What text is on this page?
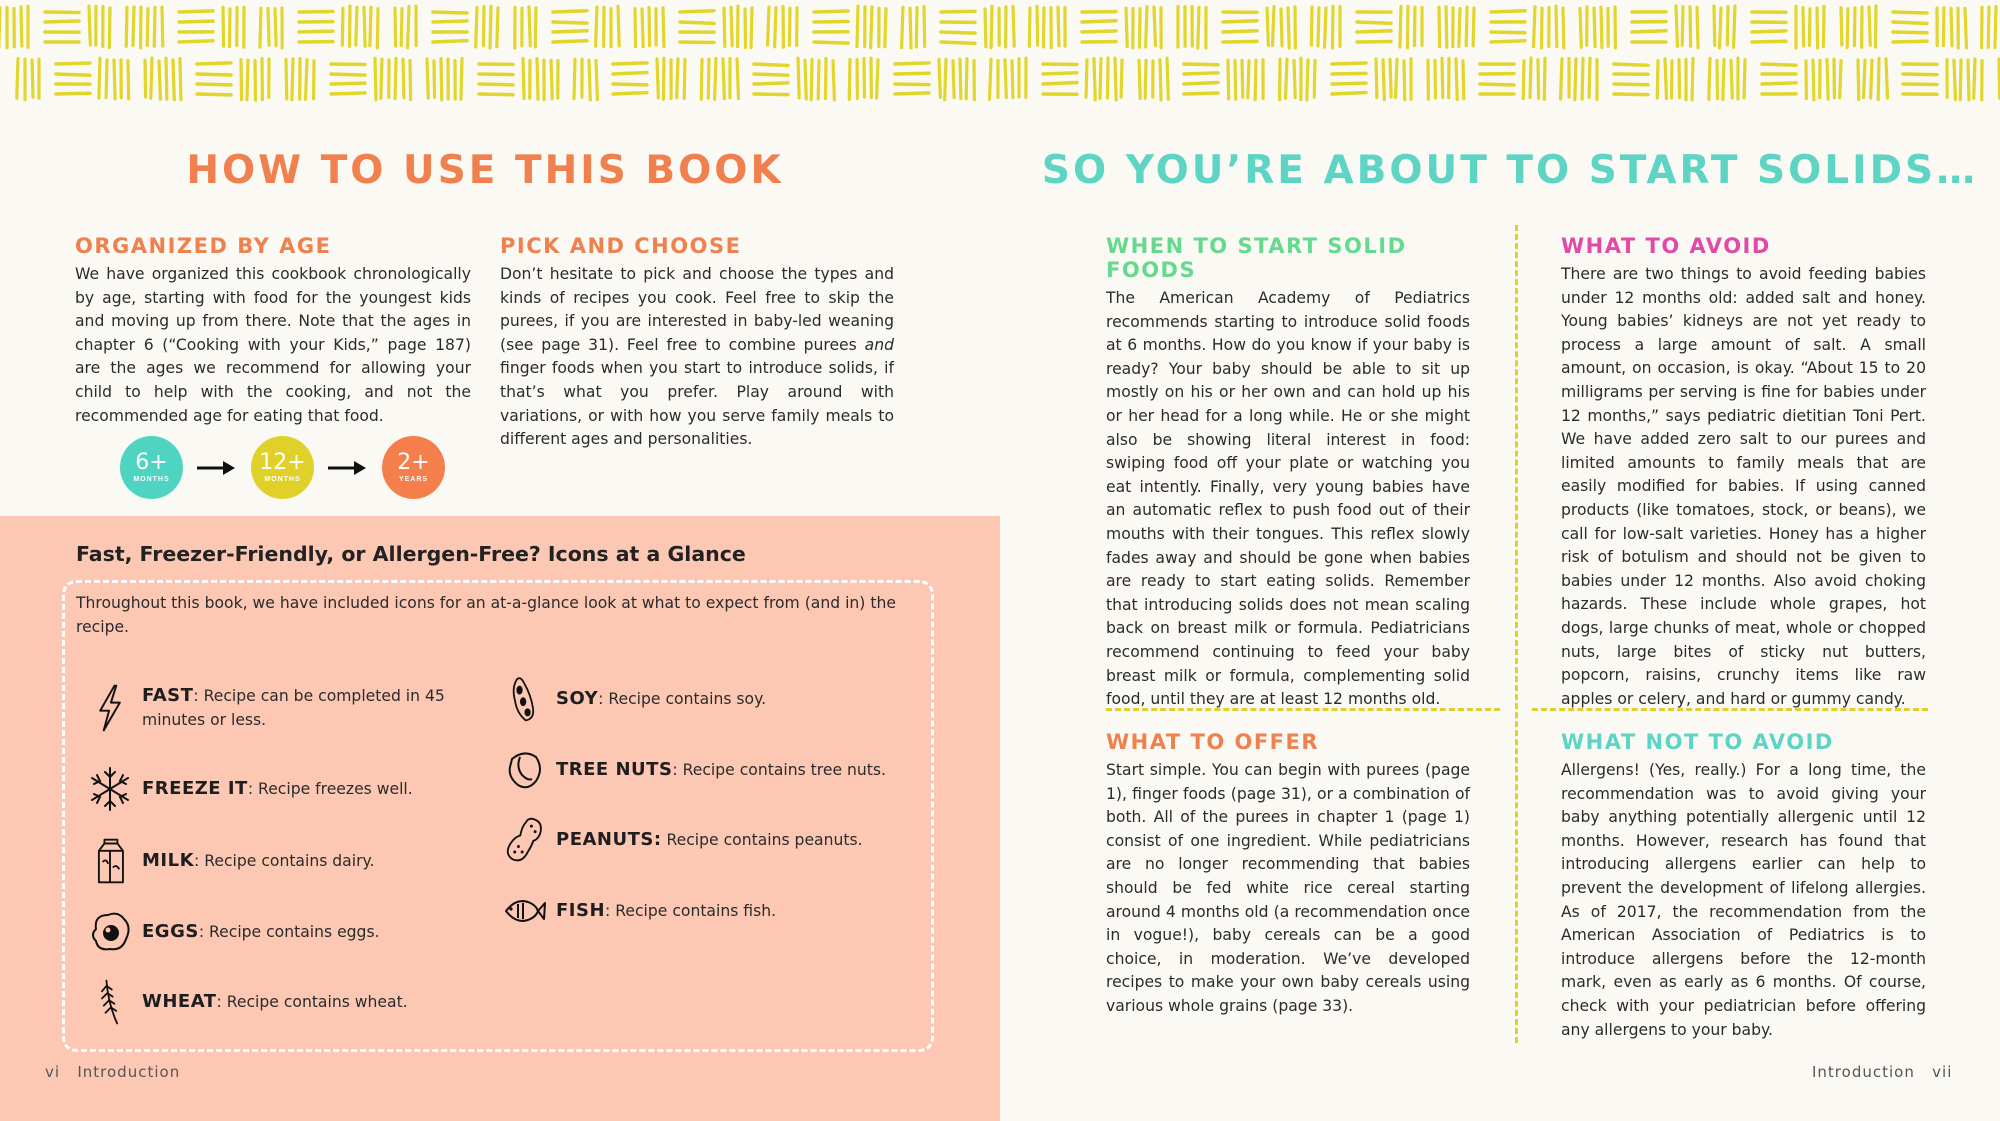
HOW TO USE THIS BOOK
ORGANIZED BY AGE

We have organized this cookbook chronologically by age, starting with food for the youngest kids and moving up from there. Note that the ages in chapter 6 (“Cooking with your Kids,” page 187) are the ages we recommend for allowing your child to help with the cooking, and not the recommended age for eating that food.

PICK AND CHOOSE

Don’t hesitate to pick and choose the types and kinds of recipes you cook. Feel free to skip the purees, if you are interested in baby-led weaning (see page 31). Feel free to combine purees and finger foods when you start to introduce solids, if that’s what you prefer. Play around with variations, or with how you serve family meals to different ages and personalities.

6+
MONTHS
12+
MONTHS
2+
YEARS
Fast, Freezer-Friendly, or Allergen-Free? Icons at a Glance

Throughout this book, we have included icons for an at-a-glance look at what to expect from (and in) the recipe.

FAST: Recipe can be completed in 45 minutes or less.
FREEZE IT: Recipe freezes well.
MILK: Recipe contains dairy.
EGGS: Recipe contains eggs.
WHEAT: Recipe contains wheat.
SOY: Recipe contains soy.
TREE NUTS: Recipe contains tree nuts.
PEANUTS: Recipe contains peanuts.
FISH: Recipe contains fish.
vi Introduction
SO YOU’RE ABOUT TO START SOLIDS…
WHEN TO START SOLID FOODS

The American Academy of Pediatrics recommends starting to introduce solid foods at 6 months. How do you know if your baby is ready? Your baby should be able to sit up mostly on his or her own and can hold up his or her head for a long while. He or she might also be showing literal interest in food: swiping food off your plate or watching you eat intently. Finally, very young babies have an automatic reflex to push food out of their mouths with their tongues. This reflex slowly fades away and should be gone when babies are ready to start eating solids. Remember that introducing solids does not mean scaling back on breast milk or formula. Pediatricians recommend continuing to feed your baby breast milk or formula, complementing solid food, until they are at least 12 months old.

WHAT TO AVOID

There are two things to avoid feeding babies under 12 months old: added salt and honey. Young babies’ kidneys are not yet ready to process a large amount of salt. A small amount, on occasion, is okay. “About 15 to 20 milligrams per serving is fine for babies under 12 months,” says pediatric dietitian Toni Pert. We have added zero salt to our purees and limited amounts to family meals that are easily modified for babies. If using canned products (like tomatoes, stock, or beans), we call for low-salt varieties. Honey has a higher risk of botulism and should not be given to babies under 12 months. Also avoid choking hazards. These include whole grapes, hot dogs, large chunks of meat, whole or chopped nuts, large bites of sticky nut butters, popcorn, raisins, crunchy items like raw apples or celery, and hard or gummy candy.

WHAT TO OFFER

Start simple. You can begin with purees (page 1), finger foods (page 31), or a combination of both. All of the purees in chapter 1 (page 1) consist of one ingredient. While pediatricians are no longer recommending that babies should be fed white rice cereal starting around 4 months old (a recommendation once in vogue!), baby cereals can be a good choice, in moderation. We’ve developed recipes to make your own baby cereals using various whole grains (page 33).

WHAT NOT TO AVOID

Allergens! (Yes, really.) For a long time, the recommendation was to avoid giving your baby anything potentially allergenic until 12 months. However, research has found that introducing allergens earlier can help to prevent the development of lifelong allergies. As of 2017, the recommendation from the American Association of Pediatrics is to introduce allergens before the 12-month mark, even as early as 6 months. Of course, check with your pediatrician before offering any allergens to your baby.

Introduction vii
